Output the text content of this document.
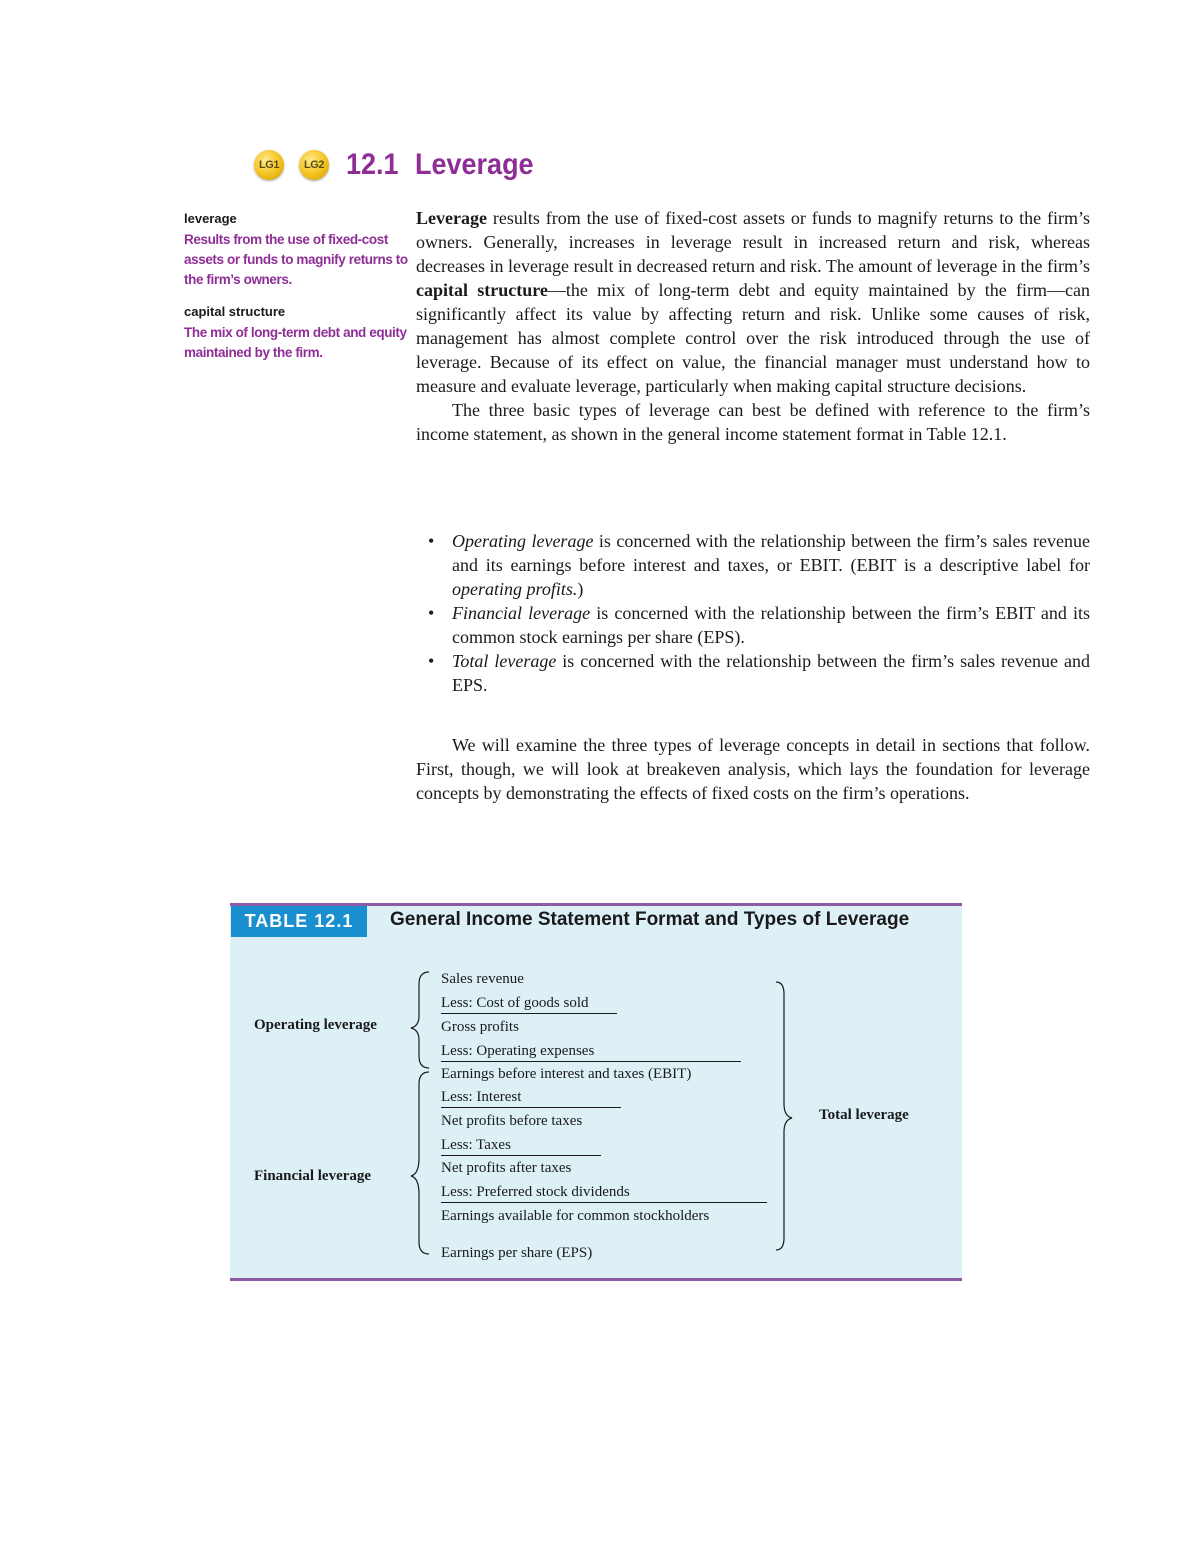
LG1	LG2 12.1 Leverage
leverage
Results from the use of fixed-cost assets or funds to magnify returns to the firm’s owners.
capital structure
The mix of long-term debt and equity maintained by the firm.

Leverage results from the use of fixed-cost assets or funds to magnify returns to the firm’s owners. Generally, increases in leverage result in increased return and risk, whereas decreases in leverage result in decreased return and risk. The amount of leverage in the firm’s capital structure—the mix of long-term debt and equity maintained by the firm—can significantly affect its value by affecting return and risk. Unlike some causes of risk, management has almost complete control over the risk introduced through the use of leverage. Because of its effect on value, the financial manager must understand how to measure and evaluate leverage, particularly when making capital structure decisions.

The three basic types of leverage can best be defined with reference to the firm’s income statement, as shown in the general income statement format in Table 12.1.

• Operating leverage is concerned with the relationship between the firm’s sales revenue and its earnings before interest and taxes, or EBIT. (EBIT is a descriptive label for operating profits.)

• Financial leverage is concerned with the relationship between the firm’s EBIT and its common stock earnings per share (EPS).

• Total leverage is concerned with the relationship between the firm’s sales revenue and EPS.

We will examine the three types of leverage concepts in detail in sections that follow. First, though, we will look at breakeven analysis, which lays the foundation for leverage concepts by demonstrating the effects of fixed costs on the firm’s operations.
TABLE 12.1	General Income Statement Format and Types of Leverage
Operating leverage
Financial leverage
Total leverage
Sales revenue
Less: Cost of goods sold
Gross profits
Less: Operating expenses
Earnings before interest and taxes (EBIT)
Less: Interest
Net profits before taxes
Less: Taxes
Net profits after taxes
Less: Preferred stock dividends
Earnings available for common stockholders
Earnings per share (EPS)
